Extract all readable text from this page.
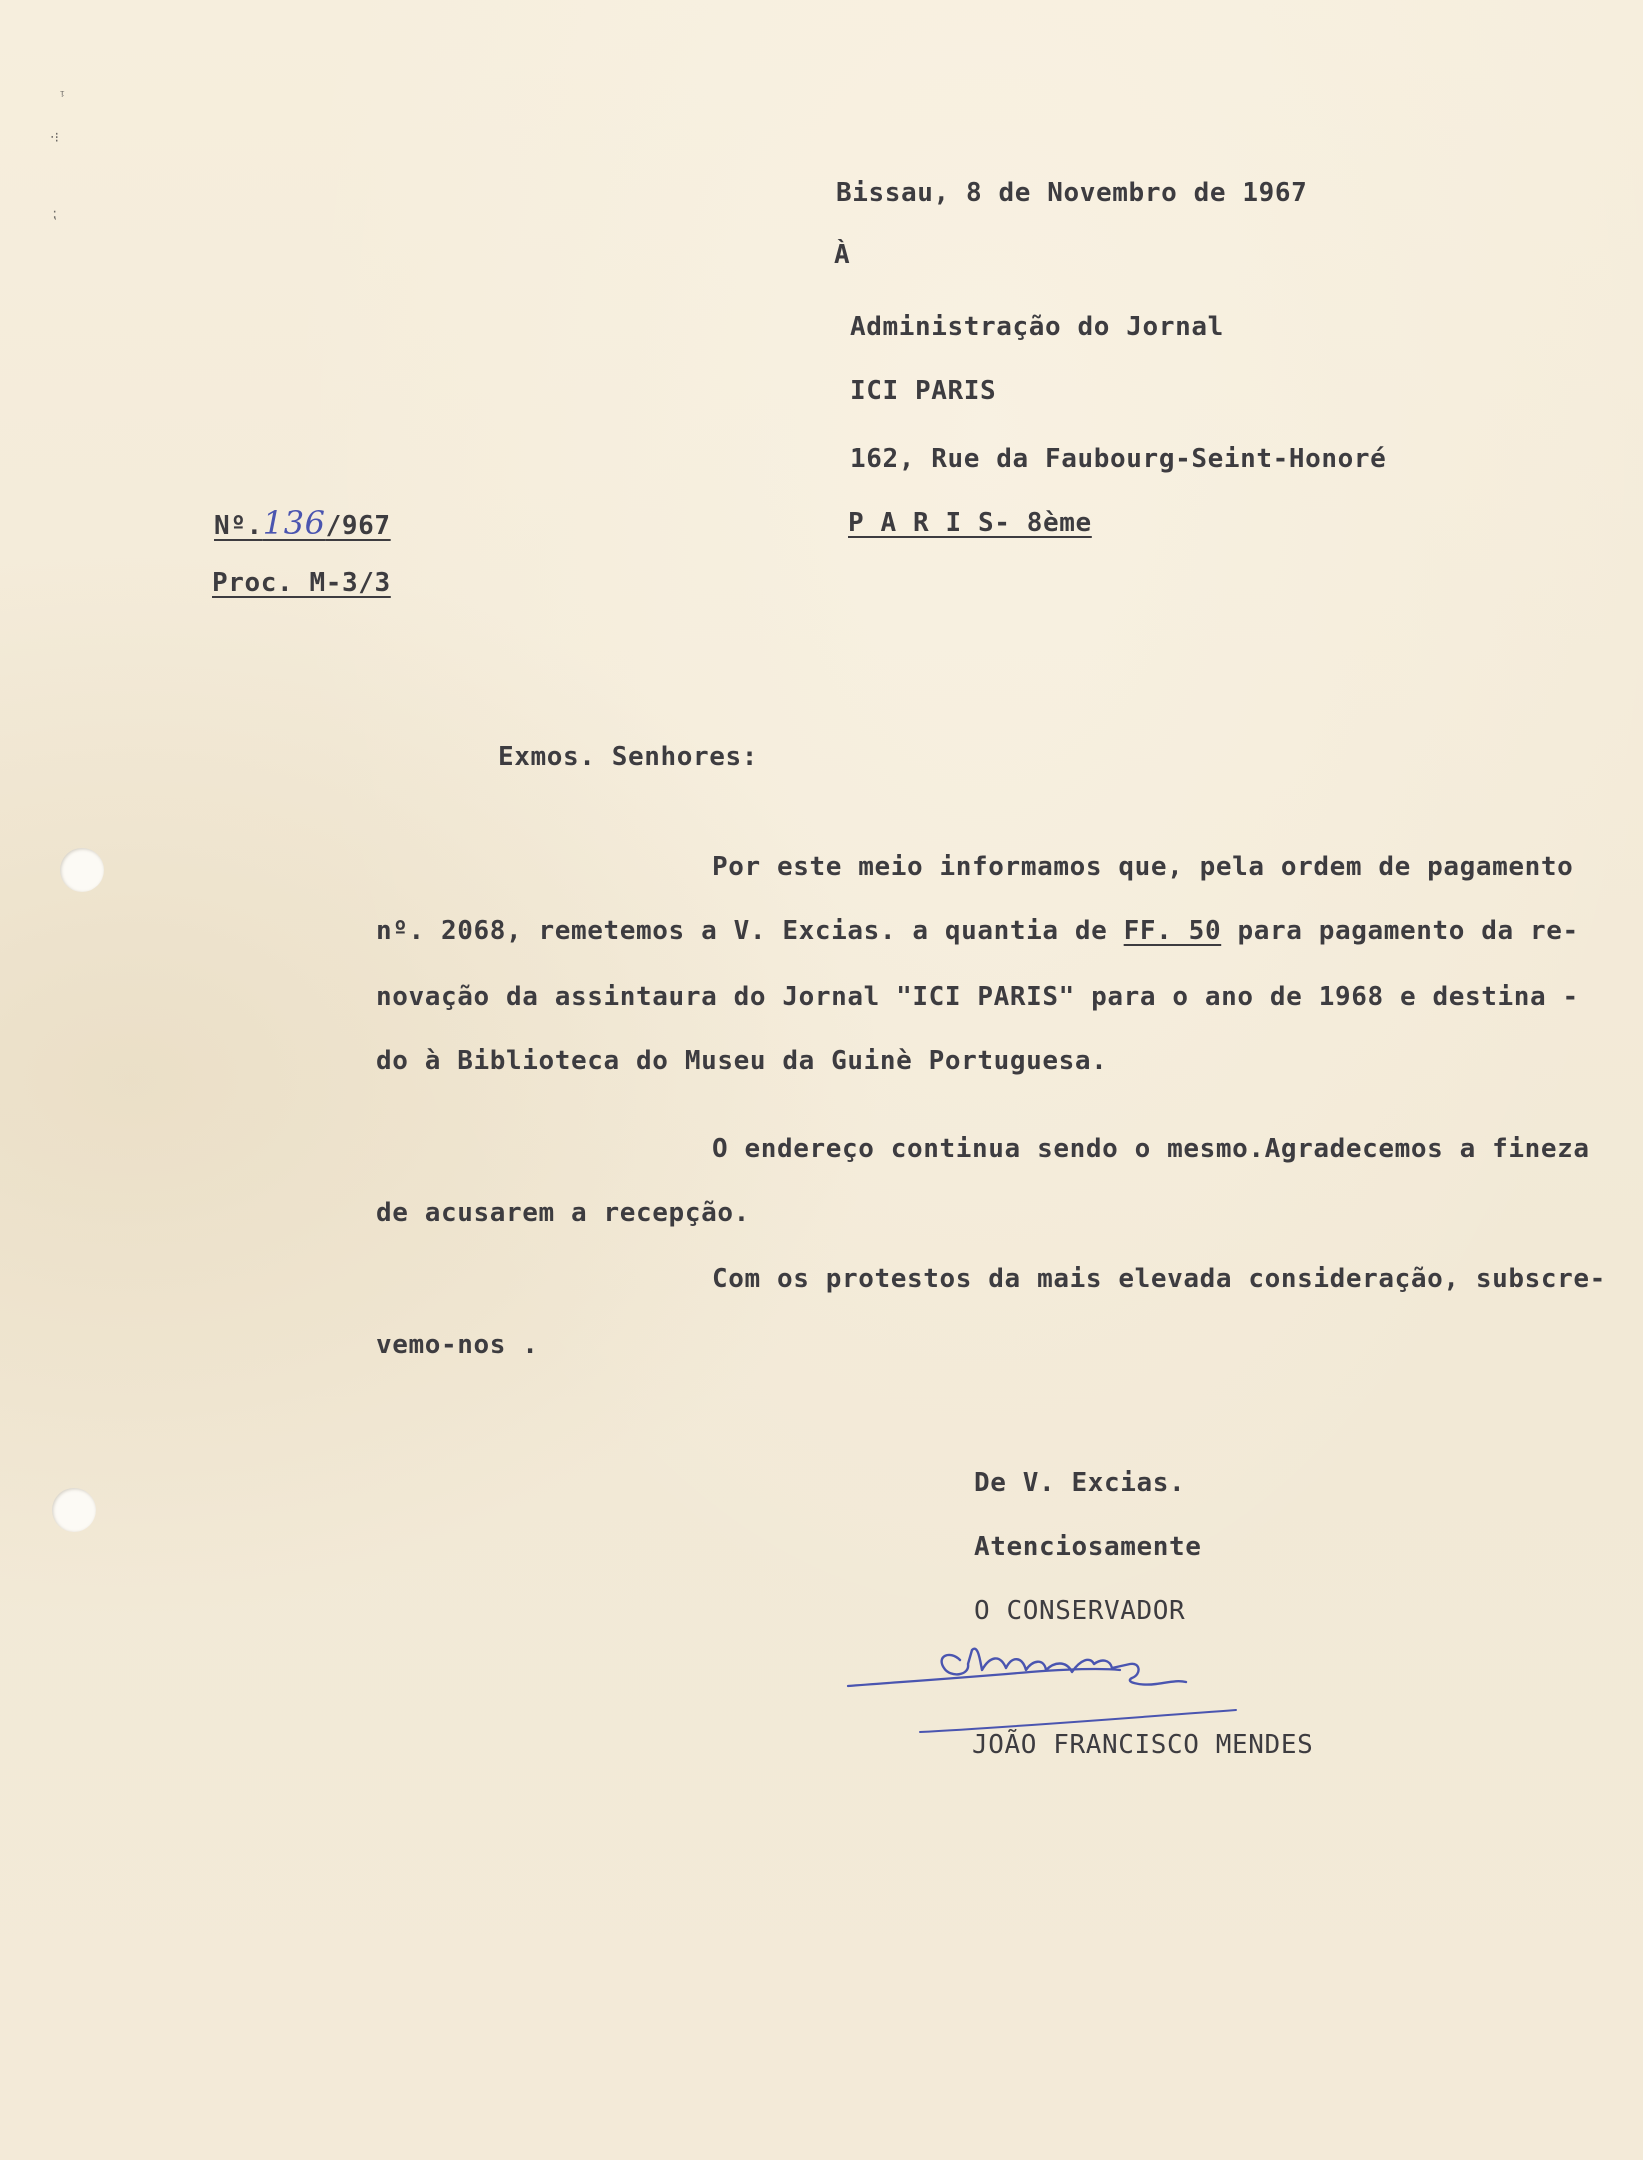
ᵎ
‧⁝
⁏
Bissau, 8 de Novembro de 1967
À
Administração do Jornal
ICI PARIS
162, Rue da Faubourg-Seint-Honoré
P A R I S- 8ème
Nº.136/967
Proc. M-3/3
Exmos. Senhores:
Por este meio informamos que, pela ordem de pagamento
nº. 2068, remetemos a V. Excias. a quantia de FF. 50 para pagamento da re-
novação da assintaura do Jornal "ICI PARIS" para o ano de 1968 e destina -
do à Biblioteca do Museu da Guinè Portuguesa.
O endereço continua sendo o mesmo.Agradecemos a fineza
de acusarem a recepção.
Com os protestos da mais elevada consideração, subscre-
vemo-nos .
De V. Excias.
Atenciosamente
O CONSERVADOR
JOÃO FRANCISCO MENDES
